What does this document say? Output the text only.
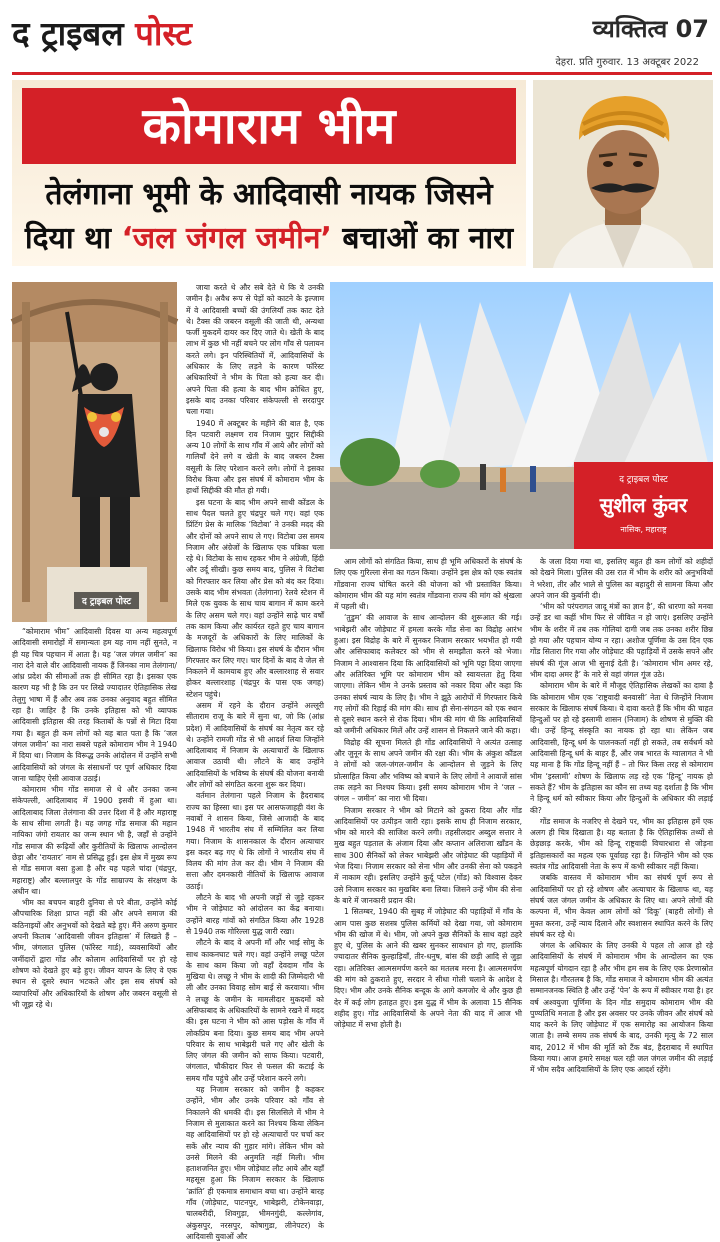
द ट्राइबल पोस्ट	व्यक्तित्व 07
देहरा. प्रति गुरुवार. 13 अक्टूबर 2022
कोमाराम भीम
तेलंगाना भूमी के आदिवासी नायक जिसने
दिया था ‘जल जंगल जमीन’ बचाओं का नारा
द ट्राइबल पोस्ट
द ट्राइबल पोस्ट
सुशील कुंवर
नासिक, महाराष्ट्र

“कोमाराम भीम” आदिवासी दिवस या अन्य महत्वपूर्ण आदिवासी समारोहों में समान्यतः हम यह नाम नहीं सुनते, न ही यह चित्र पहचान में आता है। यह ‘जल जंगल जमीन’ का नारा देने वाले वीर आदिवासी नायक हैं जिनका नाम तेलंगाना/आंध्र प्रदेश की सीमाओं तक ही सीमित रहा है। इसका एक कारण यह भी है कि उन पर लिखे ज्यादातर ऐतिहासिक लेख तेलुगु भाषा में हैं और अब तक उनका अनुवाद बहुत सीमित रहा है। जाहिर है कि उनके इतिहास को भी व्यापक आदिवासी इतिहास की तरह किताबों के पन्नों से मिटा दिया गया है। बहुत ही कम लोगों को यह बात पता है कि ‘जल जंगल जमीन’ का नारा सबसे पहले कोमाराम भीम ने 1940 में दिया था। निजाम के विरूद्ध उनके आंदोलन में उन्होंने सभी आदिवासियों को जंगल के संसाधनों पर पूर्ण अधिकार दिया जाना चाहिए ऐसी आवाज उठाई।

कोमाराम भीम गोंड समाज से थे और उनका जन्म संकेपल्ली, आदिलाबाद में 1900 इसवी में हुआ था। आदिलाबाद जिला तेलंगाना की उत्तर दिशा में है और महाराष्ट्र के साथ सीमा लगती है। यह जगह गोंड समाज की महान नायिका जंगो रायतार का जन्म स्थान भी है, जहाँ से उन्होंने गोंड समाज की रूढ़ियों और कुरीतियों के खिलाफ आन्दोलन छेड़ा और ‘रायतार’ नाम से प्रसिद्ध हुईं। इस क्षेत्र में मुख्य रूप से गोंड समाज बसा हुआ है और यह पहले चांदा (चंद्रपुर, महाराष्ट्र) और बल्लालपुर के गोंड साम्राज्य के संरक्षण के अधीन था।

भीम का बचपन बाहरी दुनिया से परे बीता, उन्होंने कोई औपचारिक शिक्षा प्राप्त नहीं की और अपने समाज की कठिनाइयों और अनुभवों को देखते बड़े हुए। मैंने अरुण कुमार अपनी किताब ‘आदिवासी जीवन इतिहास’ में लिखते हैं – भीम, जंगलात पुलिस (फॉरेस्ट गार्ड), व्यवसायियों और जमींदारों द्वारा गोंड और कोलाम आदिवासियों पर हो रहे शोषण को देखते हुए बड़े हुए। जीवन यापन के लिए वे एक स्थान से दूसरे स्थान भटकते और इस सब संघर्ष को व्यापारियों और अधिकारियों के शोषण और जबरन वसूली से भी जूझ रहे थे।

जाया करते थे और सबे देते थे कि ये उनकी जमीन है। अवैध रूप से पेड़ों को काटने के इल्जाम में वे आदिवासी बच्चों की उंगलियाँ तक काट देते थे। टैक्स की जबरन वसूली की जाती थी, अन्यथा फर्जी मुकदमें दायर कर दिए जाते थे। खेती के बाद लाभ में कुछ भी नहीं बचने पर लोग गाँव से पलायन करते लगे। इन परिस्थितियों में, आदिवासियों के अधिकार के लिए लड़ने के कारण फॉरेस्ट अधिकारियों ने भीम के पिता को हत्या कर दी। अपने पिता की हत्या के बाद भीम क्रोधित हुए, इसके बाद उनका परिवार संकेपल्ली से सरदापुर चला गया।

1940 में अक्टूबर के महीने की बात है, एक दिन पटवारी लक्ष्मण राव निजाम पुद्दार सिद्दीकी अन्य 10 लोगों के साथ गाँव में आये और लोगों को गालियाँ देने लगे व खेती के बाद जबरन टैक्स वसूली के लिए परेशान करने लगे। लोगों ने इसका विरोध किया और इस संघर्ष में कोमाराम भीम के हाथों सिद्दीकी की मौत हो गयी।

इस घटना के बाद भीम अपने साथी कोंडल के साथ पैदल चलते हुए चंद्रपुर चले गए। वहां एक प्रिंटिंग प्रेस के मालिक ‘विटोबा’ ने उनकी मदद की और दोनों को अपने साथ ले गए। विटोबा उस समय निजाम और अंग्रेजों के खिलाफ एक पत्रिका चला रहे थे। विटोबा के साथ रहकर भीम ने अंग्रेजी, हिंदी और उर्दू सीखी। कुछ समय बाद, पुलिस ने विटोबा को गिरफ्तार कर लिया और प्रेस को बंद कर दिया। उसके बाद भीम संभवतः (तेलंगाना) रेलवे स्टेशन में मिले एक युवक के साथ चाय बागान में काम करने के लिए असम चले गए। वहां उन्होंने साढ़े चार वर्षों तक काम किया और कार्यरत रहते हुए चाय बागान के मजदूरों के अधिकारों के लिए मालिकों के खिलाफ विरोध भी किया। इस संघर्ष के दौरान भीम गिरफ्तार कर लिए गए। चार दिनों के बाद वे जेल से निकलने में कामयाब हुए और बल्लारशाह से सवार होकर बल्लारशाह (चंद्रपुर के पास एक जगह) स्टेशन पहुंचे।

असम में रहने के दौरान उन्होंने अल्लूरी सीताराम राजू के बारे में सुना था, जो कि (आंध्र प्रदेश) में आदिवासियों के संघर्ष का नेतृत्व कर रहे थे। उन्होंने रामजी गोंड से भी आदर्श लिया जिन्होंने आदिलाबाद में निजाम के अत्याचारों के खिलाफ आवाज उठायी थी। लौटने के बाद उन्होंने आदिवासियों के भविष्य के संघर्ष की योजना बनायी और लोगों को संगठित करना शुरू कर दिया।

वर्तमान तेलंगाना पहले निजाम के हैदराबाद राज्य का हिस्सा था। इस पर आसफजाहही वंश के नवाबों ने शासन किया, जिसे आजादी के बाद 1948 में भारतीय संघ में सम्मिलित कर लिया गया। निजाम के शासनकाल के दौरान अत्याचार इस कदर बढ़ गए थे कि लोगों ने भारतीय संघ में विलय की मांग तेज कर दी। भीम ने निजाम की सत्ता और दमनकारी नीतियों के खिलाफ आवाज उठाई।

लौटने के बाद भी अपनी जड़ों से जुड़े रहकर भीम ने जोड़ेघाट को आंदोलन का केंद्र बनाया। उन्होंने बारह गांवों को संगठित किया और 1928 से 1940 तक गोरिल्ला युद्ध जारी रखा।

लौटने के बाद वे अपनी माँ और भाई सोमु के साथ काकनघाट चले गए। वहां उन्होंने लच्छू पटेल के साथ काम किया जो वहाँ देवदाम गाँव के मुखिया थे। लच्छू ने भीम के शादी की जिम्मेदारी भी ली और उनका विवाह सोम बाई से करवाया। भीम ने लच्छू के जमीन के मामलीदार मुकदमों को असिफाबाद के अधिकारियों के सामने रखने में मदद की। इस घटना ने भीम को आस पड़ोस के गाँव में लोकप्रिय बना दिया। कुछ समय बाद भीम अपने परिवार के साथ भाबेझरी चले गए और खेती के लिए जंगल की जमीन को साफ किया। पटवारी, जंगलात, चौकीदार फिर से फसल की कटाई के समय गाँव पहुंचे और उन्हें परेशान करने लगे।

यह निजाम सरकार को जमीन है कहकर उन्होंने, भीम और उनके परिवार को गाँव से निकालने की धमकी दी। इस सिलसिले में भीम ने निजाम से मुलाकात करने का निश्चय किया लेकिन वह आदिवासियों पर हो रहे अत्याचारों पर चर्चा कर सकें और न्याय की गुहार मांगे। लेकिन भीम को उनसे मिलने की अनुमति नहीं मिली। भीम हताशजनित हुए। भीम जोड़ेघाट लौट आये और यहाँ महसूस हुआ कि निजाम सरकार के खिलाफ ‘क्रांति’ ही एकमात्र समाधान बचा था। उन्होंने बारह गाँव (जोड़ेघाट, पाटनपुर, भाबेझरी, टोकेनवाड़ा, चालबरीदी, शिवगुड़ा, भीमनगुंदी, कल्लेगांव, अंकुसपुर, नरसपुर, कोषागुडा, लीनेपटर) के आदिवासी युवाओं और

आम लोगों को संगठित किया, साथ ही भूमि अधिकारों के संघर्ष के लिए एक गुरिल्ला सेना का गठन किया। उन्होंने इस क्षेत्र को एक स्वतंत्र गोंडवाना राज्य घोषित करने की योजना को भी प्रस्तावित किया। कोमाराम भीम की यह मांग स्वतंत्र गोंडवाना राज्य की मांग को श्रृंखला में पहली थी।

‘तुडुम’ की आवाज के साथ आन्दोलन की शुरूआत की गई। भाबेझरी और जोड़ेघाट में हमला करके गोंड सेना का विद्रोह आरंभ हुआ। इस विद्रोह के बारे में सुनकर निजाम सरकार भयभीत हो गयी और असिफाबाद कलेक्टर को भीम से समझौता करने को भेजा। निजाम ने आश्वासन दिया कि आदिवासियों को भूमि पट्टा दिया जाएगा और अतिरिक्त भूमि पर कोमाराम भीम को स्वायत्तता हेतु दिया जाएगा। लेकिन भीम ने उनके प्रस्ताव को नकार दिया और कहा कि उनका संघर्ष न्याय के लिए है। भीम ने झूठे आरोपों में गिरफ्तार किये गए लोगों की रिहाई की मांग की। साथ ही सेना-संगठन को एक स्थान से दूसरे स्थान करने से रोक दिया। भीम की मांग थी कि आदिवासियों को जमीनी अधिकार मिलें और उन्हें शासन से निकलने जाने की कहा।

विद्रोह की सूचना मिलते ही गोंड आदिवासियों ने अत्यंत उत्साह और जुनून के साथ अपने जमीन की रक्षा की। भीम के अंकुश कौंडल ने लोगों को जल-जंगल-जमीन के आन्दोलन से जुड़ने के लिए प्रोत्साहित किया और भविष्य को बचाने के लिए लोगों ने आवाजें सांस तक लड़ने का निश्चय किया। इसी समय कोमाराम भीम ने ‘जल – जंगल – जमीन’ का नारा भी दिया।

निजाम सरकार ने भीम को मिटाने को ठुकरा दिया और गोंड आदिवासियों पर उत्पीड़न जारी रहा। इसके साथ ही निजाम सरकार, भीम को मारने की साजिश करने लगी। तहसीलदार अब्दुल सत्तार ने मुख बहुत पड़ताल के अंजाम दिया और कप्तान अलिराजा खाँडन के साथ 300 सैनिकों को लेकर भाबेझरी और जोड़ेघाट की पहाड़ियों में भेज दिया। निजाम सरकार को सेना भीम और उनकी सेना को पकड़ने में नाकाम रही। इसलिए उन्होंने कुर्दू पटेल (गोंड) को विश्वास देकर उसे निजाम सरकार का मुखबिर बना लिया। जिसने उन्हें भीम की सेना के बारे में जानकारी प्रदान की।

1 सितम्बर, 1940 की सुबह में जोड़ेघाट की पहाड़ियों में गाँव के आम पास कुछ सशस्त्र पुलिस कर्मियों को देखा गया, जो कोमाराम भीम की खोज में थे। भीम, जो अपने कुछ सैनिकों के साथ वहां ठहरे हुए थे, पुलिस के आने की खबर सुनकर सावधान हो गए, हालांकि ज्यादातर सैनिक कुल्हाड़ियाँ, तीर-धनुष, बांस की छड़ी आदि से जुड़ा रहा। अतिरिक्त आत्मसमर्पण करने का मतलब मरना है। आत्मसमर्पण की मांग को ठुकराते हुए, सरदार ने सीधा गोली चलाने के आदेश दे दिए। भीम और उनके सैनिक बन्दूक के आगे कमजोर थे और कुछ ही देर में कई लोग हताहत हुए। इस युद्ध में भीम के अलावा 15 सैनिक शहीद हुए। गोंड आदिवासियों के अपने नेता की याद में आज भी जोड़ेघाट में सभा होती है।

के जला दिया गया था, इसलिए बहुत ही कम लोगों को शहीदों को देखने मिला। पुलिस की उस रात में भीम के शरीर को अनुभवियों ने भरेशा, तीर और भाले से पुलिस का बहादुरी से सामना किया और अपने जान की कुर्बानी दी।

‘भीम को परंपरागत जादू मंत्रों का ज्ञान है’, की धारणा को मनवा उन्हें डर था कहीं भीम फिर से जीवित न हो जाएं। इसलिए उन्होंने भीम के शरीर में तब तक गोलियां दागी जब तक उनका शरीर छिन्न हो गया और पहचान योग्य न रहा। अशोज पूर्णिमा के उस दिन एक गोंड सितारा गिर गया और जोड़ेघाट की पहाड़ियों में उसके सपने और संघर्ष की गूंज आज भी सुनाई देती है। ‘कोमाराम भीम अमर रहे, भीम दादा अमर है’ के नारे से वहां जंगल गूंज उठे।

कोमाराम भीम के बारे में मौजूद ऐतिहासिक लेखकों का दावा है कि कोमाराम भीम एक ‘राष्ट्रवादी बनवासी’ नेता थे जिन्होंने निजाम सरकार के खिलाफ संघर्ष किया। ये दावा करते हैं कि भीम की चाहत हिन्दुओं पर हो रहे इस्लामी शासन (निजाम) के शोषण से मुक्ति की थी। उन्हें हिन्दू संस्कृति का नायक हो रहा था। लेकिन जब आदिवासी, हिन्दू धर्म के पालनकर्ता नहीं हो सकते, तब सर्वधर्म को आदिवासी हिन्दू धर्म के बाहर हैं, और जब भारत के ग्वालागत ने भी यह माना है कि गोंड हिन्दू नहीं हैं – तो फिर किस तरह से कोमाराम भीम ‘इस्लामी’ शोषण के खिलाफ लड़ रहे एक ‘हिन्दू’ नायक हो सकते हैं? भीम के इतिहास का कौन सा तथ्य यह दर्शाता है कि भीम ने हिन्दू धर्म को स्वीकार किया और हिन्दुओं के अधिकार की लड़ाई की?

गोंड समाज के नजरिए से देखने पर, भीम का इतिहास हमें एक अलग ही चित्र दिखाता है। यह बताता है कि ऐतिहासिक तथ्यों से छेड़छाड़ करके, भीम को हिन्दू राष्ट्रवादी विचारधारा से जोड़ना इतिहासकारों का महत्व एक पूर्वाग्रह रहा है। जिन्होंने भीम को एक स्वतंत्र गोंड आदिवासी नेता के रूप में कभी स्वीकार नहीं किया।

जबकि वास्तव में कोमाराम भीम का संघर्ष पूर्ण रूप से आदिवासियों पर हो रहे शोषण और अत्याचार के खिलाफ था, यह संघर्ष जल जंगल जमीन के अधिकार के लिए था। अपने लोगों की कल्पना में, भीम केवल आम लोगों को ‘दिकू’ (बाहरी लोगों) से मुक्त करना, उन्हें न्याय दिलाने और स्वशासन स्थापित करने के लिए संघर्ष कर रहे थे।

जंगल के अधिकार के लिए उनकी ये पहल तो आज हो रहे आदिवासियों के संघर्ष में कोमाराम भीम के आन्दोलन का एक महत्वपूर्ण योगदान रहा है और भीम हम सब के लिए एक प्रेरणास्रोत मिसाल है। गौरतलब है कि, गोंड समाज ने कोमाराम भीम की अत्यंत सम्मानजनक स्थिति है और उन्हें ‘पेन’ के रूप में स्वीकार गया है। हर वर्ष अश्वयुजा पूर्णिमा के दिन गोंड समुदाय कोमाराम भीम की पुण्यतिथि मनाता है और इस अवसर पर उनके जीवन और संघर्ष को याद करने के लिए जोड़ेघाट में एक समारोह का आयोजन किया जाता है। लम्बे समय तक संघर्ष के बाद, उनकी मृत्यु के 72 साल बाद, 2012 में भीम की मूर्ति को टैंक बंड, हैदराबाद में स्थापित किया गया। आज हमारे समक्ष चल रही जल जंगल जमीन की लड़ाई में भीम सदैव आदिवासियों के लिए एक आदर्श रहेंगे।
